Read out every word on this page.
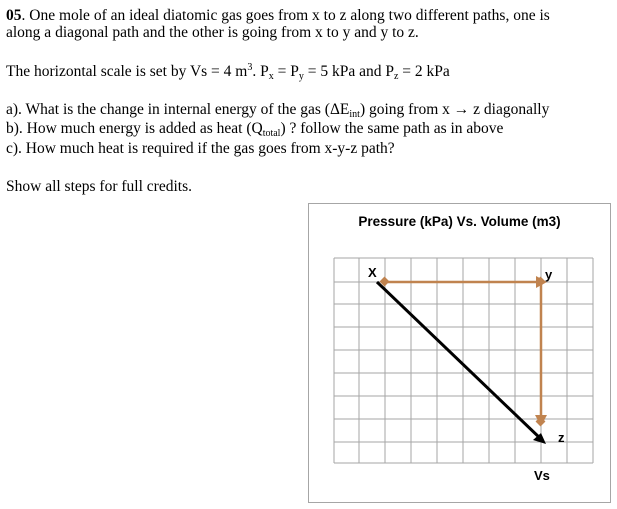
05. One mole of an ideal diatomic gas goes from x to z along two different paths, one is
along a diagonal path and the other is going from x to y and y to z.
The horizontal scale is set by Vs = 4 $m^3$. $P_x = P_y = 5$ kPa and $P_z = 2$ kPa
a). What is the change in internal energy of the gas $(\Delta E_{int})$ going from x → z diagonally
b). How much energy is added as heat $(Q_{total})$ ? follow the same path as in above
c). How much heat is required if the gas goes from x-y-z path?
Show all steps for full credits.
Pressure (kPa) Vs. Volume (m3)
X	y
z
Vs
